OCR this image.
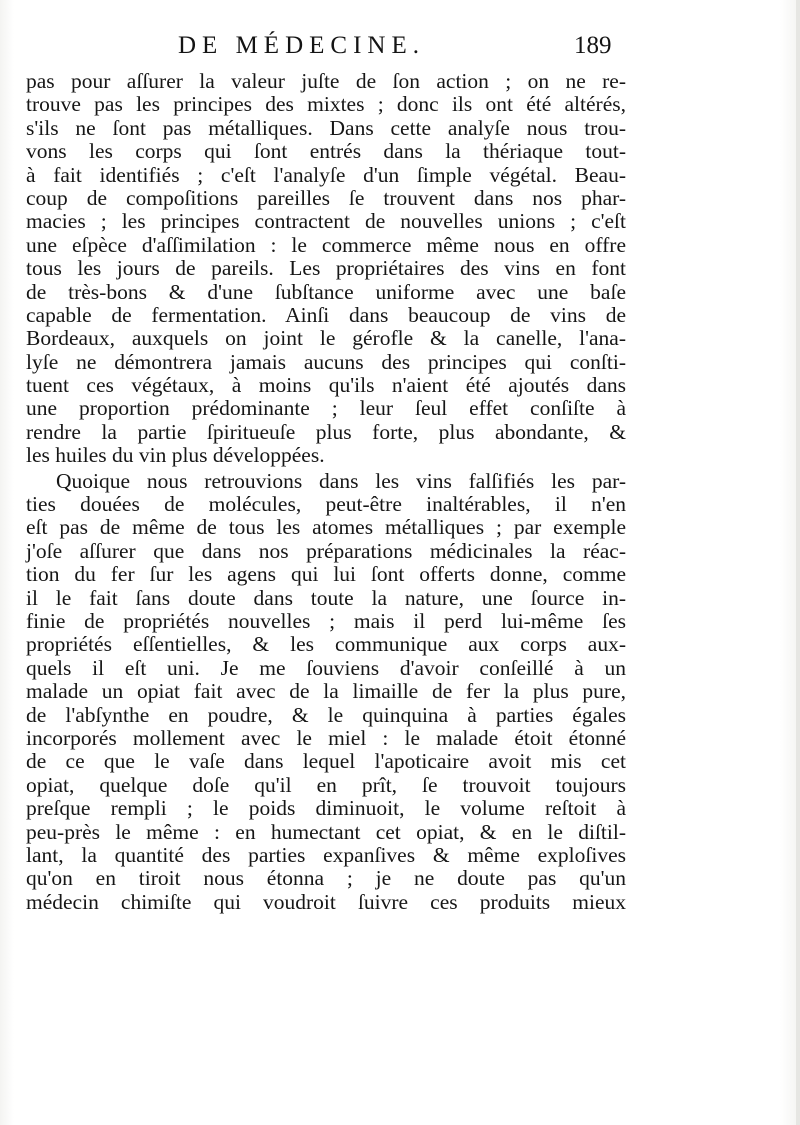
DE MÉDECINE.	189
pas pour aſſurer la valeur juſte de ſon action ; on ne re-
trouve pas les principes des mixtes ; donc ils ont été altérés,
s'ils ne ſont pas métalliques. Dans cette analyſe nous trou-
vons les corps qui ſont entrés dans la thériaque tout-
à fait identifiés ; c'eſt l'analyſe d'un ſimple végétal. Beau-
coup de compoſitions pareilles ſe trouvent dans nos phar-
macies ; les principes contractent de nouvelles unions ; c'eſt
une eſpèce d'aſſimilation : le commerce même nous en offre
tous les jours de pareils. Les propriétaires des vins en font
de très-bons & d'une ſubſtance uniforme avec une baſe
capable de fermentation. Ainſi dans beaucoup de vins de
Bordeaux, auxquels on joint le gérofle & la canelle, l'ana-
lyſe ne démontrera jamais aucuns des principes qui conſti-
tuent ces végétaux, à moins qu'ils n'aient été ajoutés dans
une proportion prédominante ; leur ſeul effet conſiſte à
rendre la partie ſpiritueuſe plus forte, plus abondante, &
les huiles du vin plus développées.
Quoique nous retrouvions dans les vins falſifiés les par-
ties douées de molécules, peut-être inaltérables, il n'en
eſt pas de même de tous les atomes métalliques ; par exemple
j'oſe aſſurer que dans nos préparations médicinales la réac-
tion du fer ſur les agens qui lui ſont offerts donne, comme
il le fait ſans doute dans toute la nature, une ſource in-
finie de propriétés nouvelles ; mais il perd lui-même ſes
propriétés eſſentielles, & les communique aux corps aux-
quels il eſt uni. Je me ſouviens d'avoir conſeillé à un
malade un opiat fait avec de la limaille de fer la plus pure,
de l'abſynthe en poudre, & le quinquina à parties égales
incorporés mollement avec le miel : le malade étoit étonné
de ce que le vaſe dans lequel l'apoticaire avoit mis cet
opiat, quelque doſe qu'il en prît, ſe trouvoit toujours
preſque rempli ; le poids diminuoit, le volume reſtoit à
peu-près le même : en humectant cet opiat, & en le diſtil-
lant, la quantité des parties expanſives & même exploſives
qu'on en tiroit nous étonna ; je ne doute pas qu'un
médecin chimiſte qui voudroit ſuivre ces produits mieux
